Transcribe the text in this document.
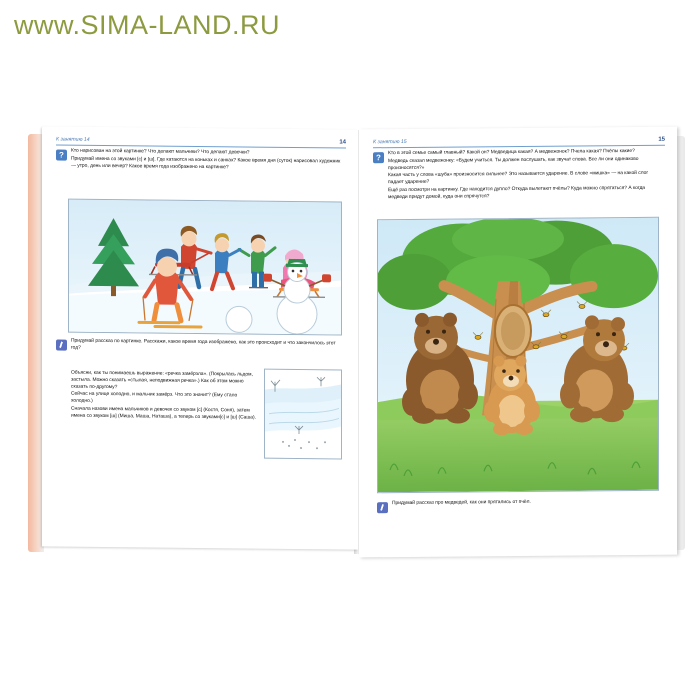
www.SIMA-LAND.RU
К занятию 14	14
?	Кто нарисован на этой картинке? Что делают мальчики? Что делают девочки?

Придумай имена со звуками [с] и [ш]. Где катаются на коньках и санках? Какое время дня (суток) нарисовал художник — утро, день или вечер? Какое время года изображено на картинке?

Придумай рассказ по картинке. Расскажи, какое время года изображено, как это происходит и что закончилось этот год?

Объясни, как ты понимаешь выражение: «речка замёрзла». (Покрылась льдом, застыла. Можно сказать «стылая, неподвижная речка».) Как об этом можно сказать по-другому?

Сейчас на улице холодно, и мальчик замёрз. Что это значит? (Ему стало холодно.)

Сначала назови имена мальчиков и девочек со звуком [с] (Костя, Соня), затем имена со звуком [ш] (Миша, Маша, Наташа), а теперь со звуками[с] и [ш] (Саша).

К занятию 15	15
?

Кто в этой семье самый главный? Какой он? Медведица какая? А медвежонок? Пчела какая? Пчёлы какие?

Медведь сказал медвежонку: «Будем учиться. Ты должен послушать, как звучат слова. Все ли они одинаково произносятся?»

Какая часть у слова «шуба» произносится сильнее? Это называется ударение. В слове «мишка» — на какой слог падает ударение?

Ещё раз посмотри на картинку. Где находится дупло? Откуда вылетают пчёлы? Куда можно спрятаться? А когда медведи придут домой, куда они спрячутся?

Придумай рассказ про медведей, как они прятались от пчёл.
